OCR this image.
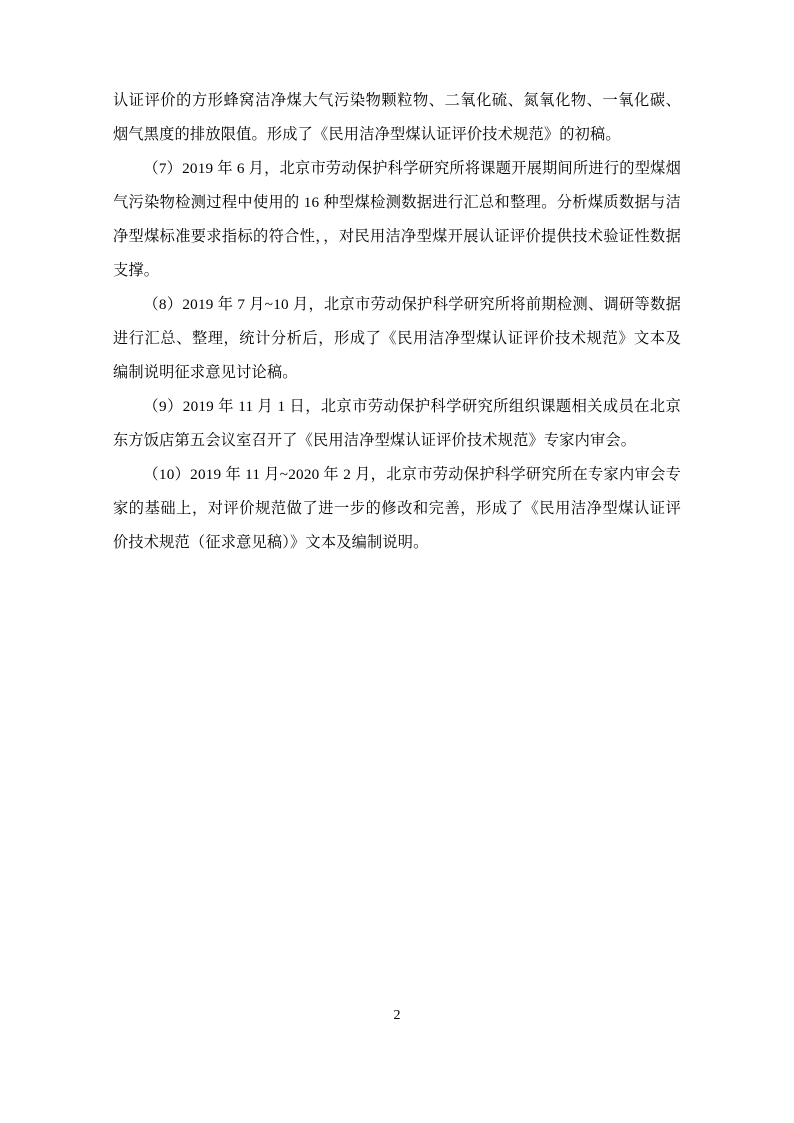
认证评价的方形蜂窝洁净煤大气污染物颗粒物、二氧化硫、氮氧化物、一氧化碳、烟气黑度的排放限值。形成了《民用洁净型煤认证评价技术规范》的初稿。

（7）2019 年 6 月，北京市劳动保护科学研究所将课题开展期间所进行的型煤烟气污染物检测过程中使用的 16 种型煤检测数据进行汇总和整理。分析煤质数据与洁净型煤标准要求指标的符合性，，对民用洁净型煤开展认证评价提供技术验证性数据支撑。

（8）2019 年 7 月~10 月，北京市劳动保护科学研究所将前期检测、调研等数据进行汇总、整理，统计分析后，形成了《民用洁净型煤认证评价技术规范》文本及编制说明征求意见讨论稿。

（9）2019 年 11 月 1 日，北京市劳动保护科学研究所组织课题相关成员在北京东方饭店第五会议室召开了《民用洁净型煤认证评价技术规范》专家内审会。

（10）2019 年 11 月~2020 年 2 月，北京市劳动保护科学研究所在专家内审会专家的基础上，对评价规范做了进一步的修改和完善，形成了《民用洁净型煤认证评价技术规范（征求意见稿）》文本及编制说明。

2
